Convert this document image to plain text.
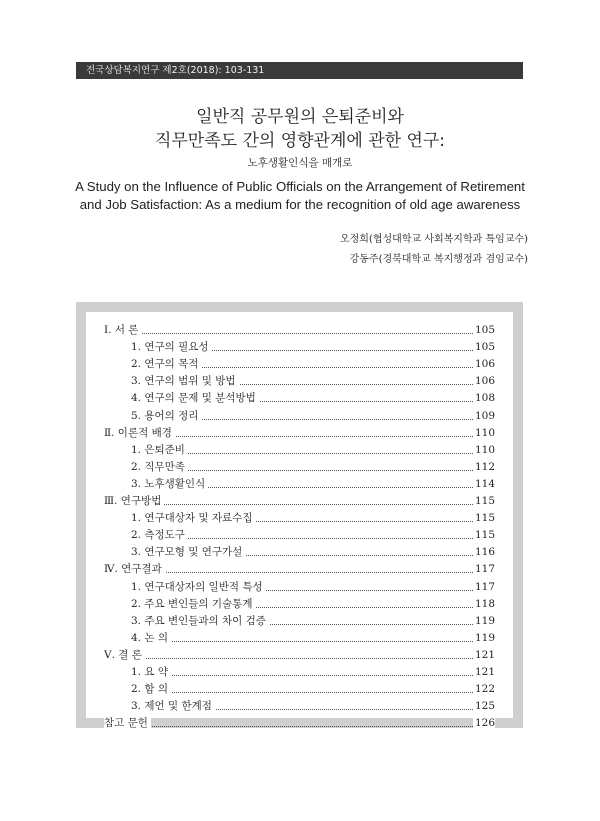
전국상담복지연구 제2호(2018): 103-131
일반직 공무원의 은퇴준비와
직무만족도 간의 영향관계에 관한 연구:
노후생활인식을 매개로
A Study on the Influence of Public Officials on the Arrangement of Retirement
and Job Satisfaction: As a medium for the recognition of old age awareness
오정희(협성대학교 사회복지학과 특임교수)
강동주(경북대학교 복지행정과 겸임교수)
Ⅰ. 서 론	105
1. 연구의 필요성	105
2. 연구의 목적	106
3. 연구의 범위 및 방법	106
4. 연구의 문제 및 분석방법	108
5. 용어의 정리	109
Ⅱ. 이론적 배경	110
1. 은퇴준비	110
2. 직무만족	112
3. 노후생활인식	114
Ⅲ. 연구방법	115
1. 연구대상자 및 자료수집	115
2. 측정도구	115
3. 연구모형 및 연구가설	116
Ⅳ. 연구결과	117
1. 연구대상자의 일반적 특성	117
2. 주요 변인들의 기술통계	118
3. 주요 변인들과의 차이 검증	119
4. 논 의	119
Ⅴ. 결 론	121
1. 요 약	121
2. 함 의	122
3. 제언 및 한계점	125
참고 문헌	126
